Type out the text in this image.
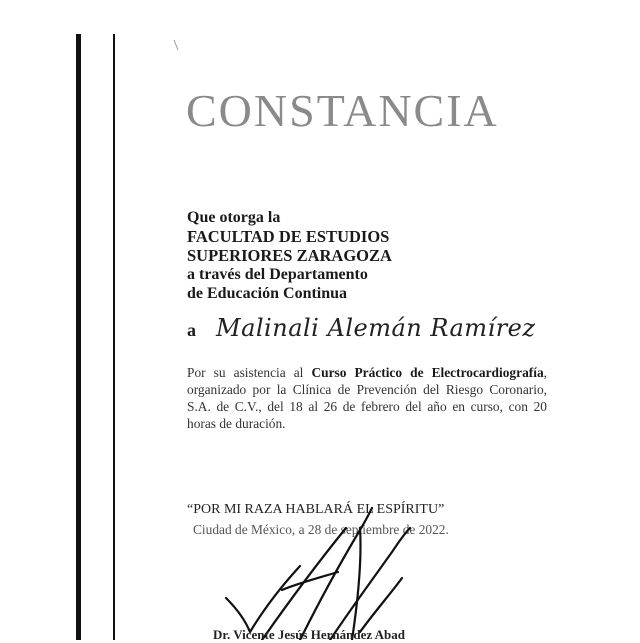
CONSTANCIA
Que otorga la
FACULTAD DE ESTUDIOS
SUPERIORES ZARAGOZA
a través del Departamento
de Educación Continua
a Malinali Alemán Ramírez
Por su asistencia al Curso Práctico de Electrocardiografía, organizado por la Clínica de Prevención del Riesgo Coronario, S.A. de C.V., del 18 al 26 de febrero del año en curso, con 20 horas de duración.
“POR MI RAZA HABLARÁ EL ESPÍRITU”
Ciudad de México, a 28 de septiembre de 2022.
Dr. Vicente Jesús Hernández Abad
